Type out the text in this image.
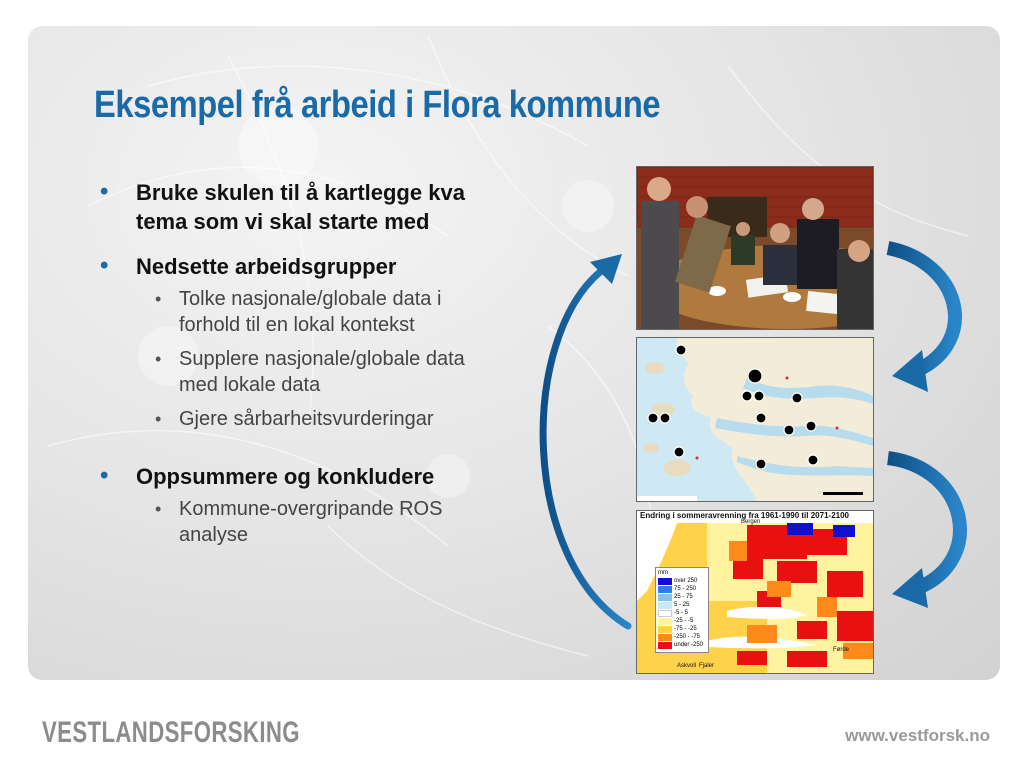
Eksempel frå arbeid i Flora kommune
• Bruke skulen til å kartlegge kva tema som vi skal starte med
• Nedsette arbeidsgrupper
• Tolke nasjonale/globale data i forhold til en lokal kontekst
• Supplere nasjonale/globale data med lokale data
• Gjere sårbarheitsvurderingar
• Oppsummere og konkludere
• Kommune-overgripande ROS analyse
Endring i sommeravrenning fra 1961-1990 til 2071-2100
mm
over 250
75 - 250
25 - 75
5 - 25
-5 - 5
-25 - -5
-75 - -25
-250 - -75
under -250
Bergen
Askvoll Fjaler
Førde
VESTLANDSFORSKING	www.vestforsk.no
